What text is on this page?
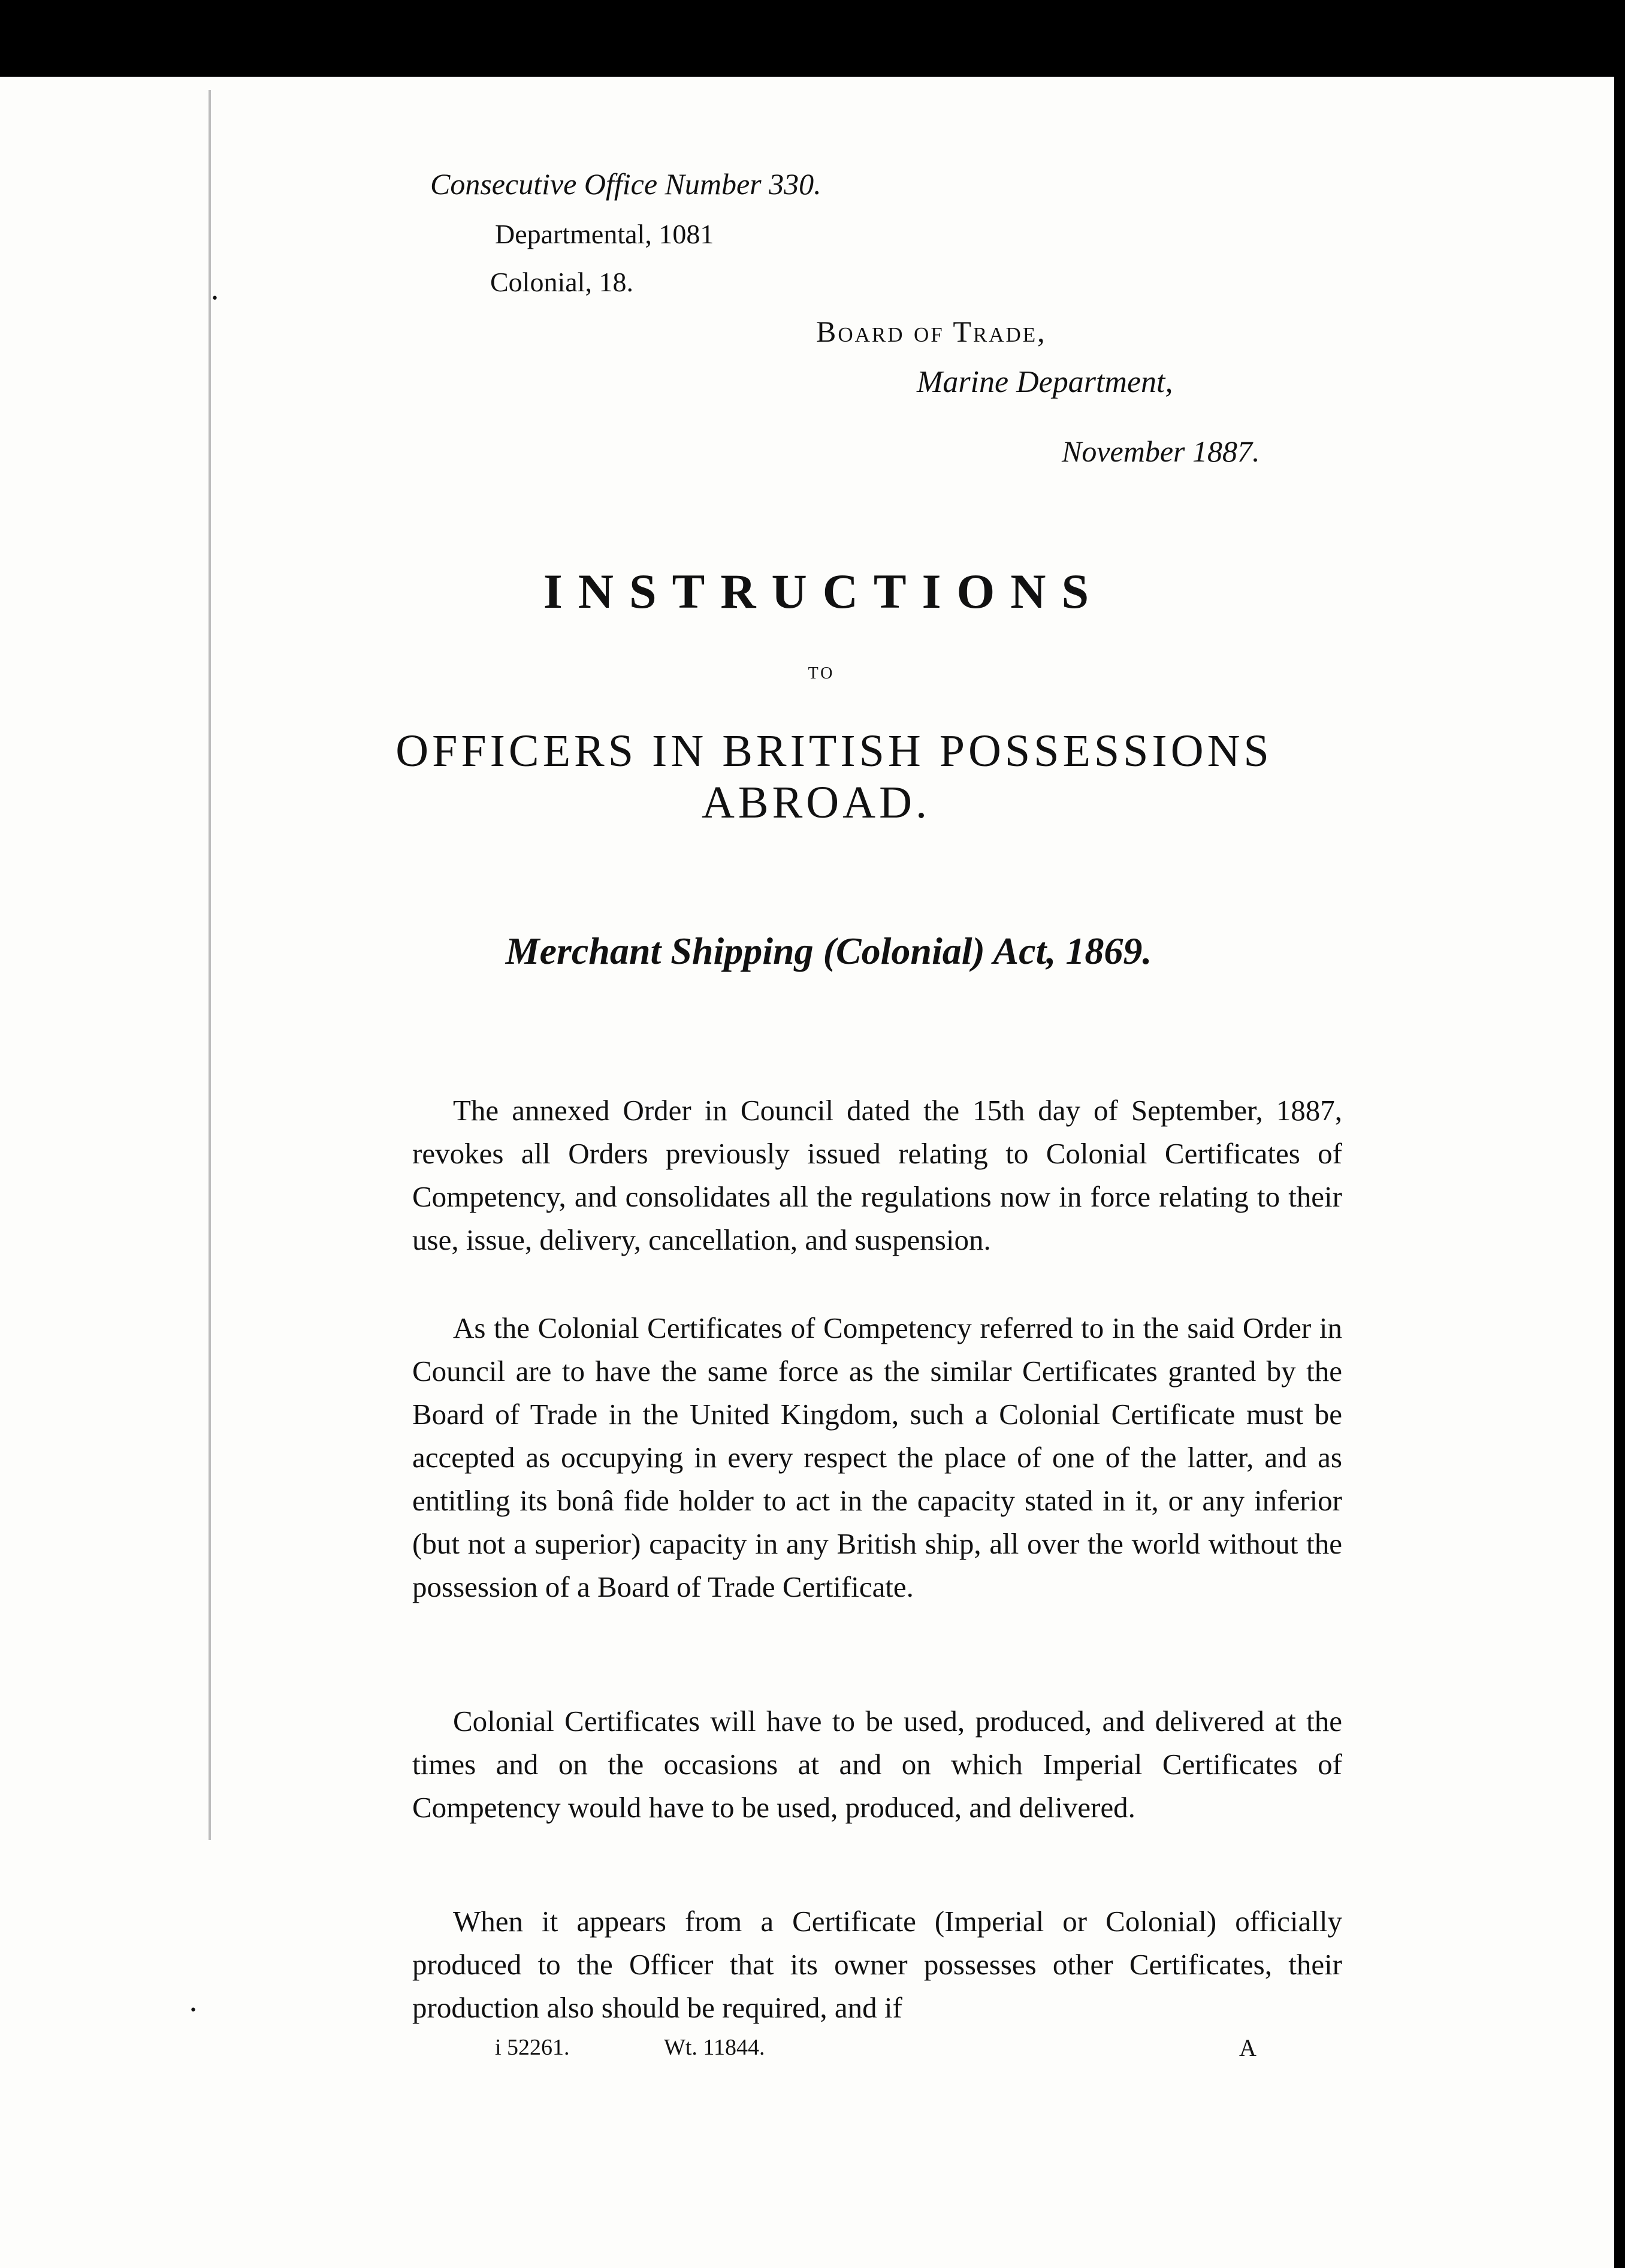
Consecutive Office Number 330.
Departmental, 1081
Colonial, 18.
Board of Trade,
Marine Department,
November 1887.
INSTRUCTIONS
TO
OFFICERS IN BRITISH POSSESSIONS
ABROAD.
Merchant Shipping (Colonial) Act, 1869.

The annexed Order in Council dated the 15th day of September, 1887, revokes all Orders previously issued relating to Colonial Certificates of Competency, and consolidates all the regulations now in force relating to their use, issue, delivery, cancellation, and suspension.

As the Colonial Certificates of Competency referred to in the said Order in Council are to have the same force as the similar Certificates granted by the Board of Trade in the United Kingdom, such a Colonial Certificate must be accepted as occupying in every respect the place of one of the latter, and as entitling its bonâ fide holder to act in the capacity stated in it, or any inferior (but not a superior) capacity in any British ship, all over the world without the possession of a Board of Trade Certificate.

Colonial Certificates will have to be used, produced, and delivered at the times and on the occasions at and on which Imperial Certificates of Competency would have to be used, produced, and delivered.

When it appears from a Certificate (Imperial or Colonial) officially produced to the Officer that its owner possesses other Certificates, their production also should be required, and if

i 52261.	Wt. 11844.	A
•
•
